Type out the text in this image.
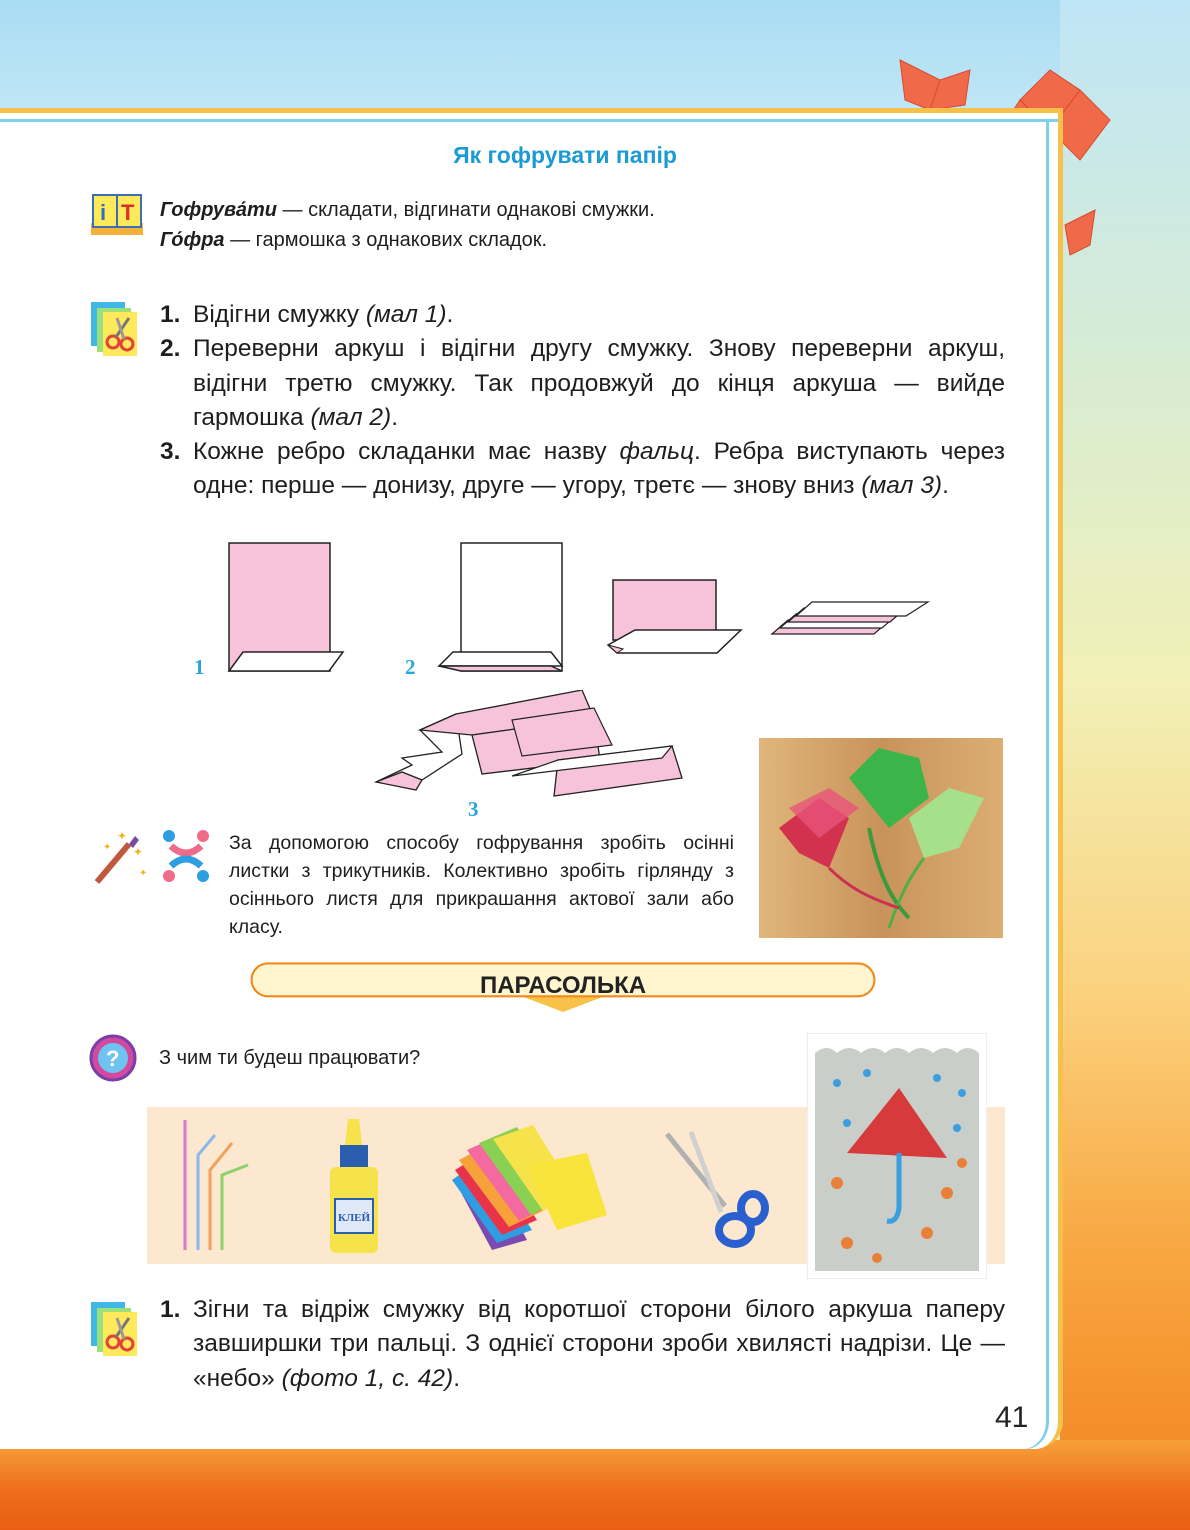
Як гофрувати папір
i T Гофрува́ти — складати, відгинати однакові смужки.
Го́фра — гармошка з однакових складок.
1. Відігни смужку (мал 1).
2. Переверни аркуш і відігни другу смужку. Знову переверни аркуш, відігни третю смужку. Так продовжуй до кінця аркуша — вийде гармошка (мал 2).
3. Кожне ребро складанки має назву фальц. Ребра виступають через одне: перше — донизу, друге — угору, третє — знову вниз (мал 3).
1	2
3
✦
✦
✦
✦
За допомогою способу гофрування зробіть осінні листки з трикутників. Колективно зробіть гірлянду з осіннього листя для прикрашання актової зали або класу.
ПАРАСОЛЬКА
? З чим ти будеш працювати?
КЛЕЙ
1. Зігни та відріж смужку від коротшої сторони білого аркуша паперу завширшки три пальці. З однієї сторони зроби хвилясті надрізи. Це — «небо» (фото 1, с. 42).
41
